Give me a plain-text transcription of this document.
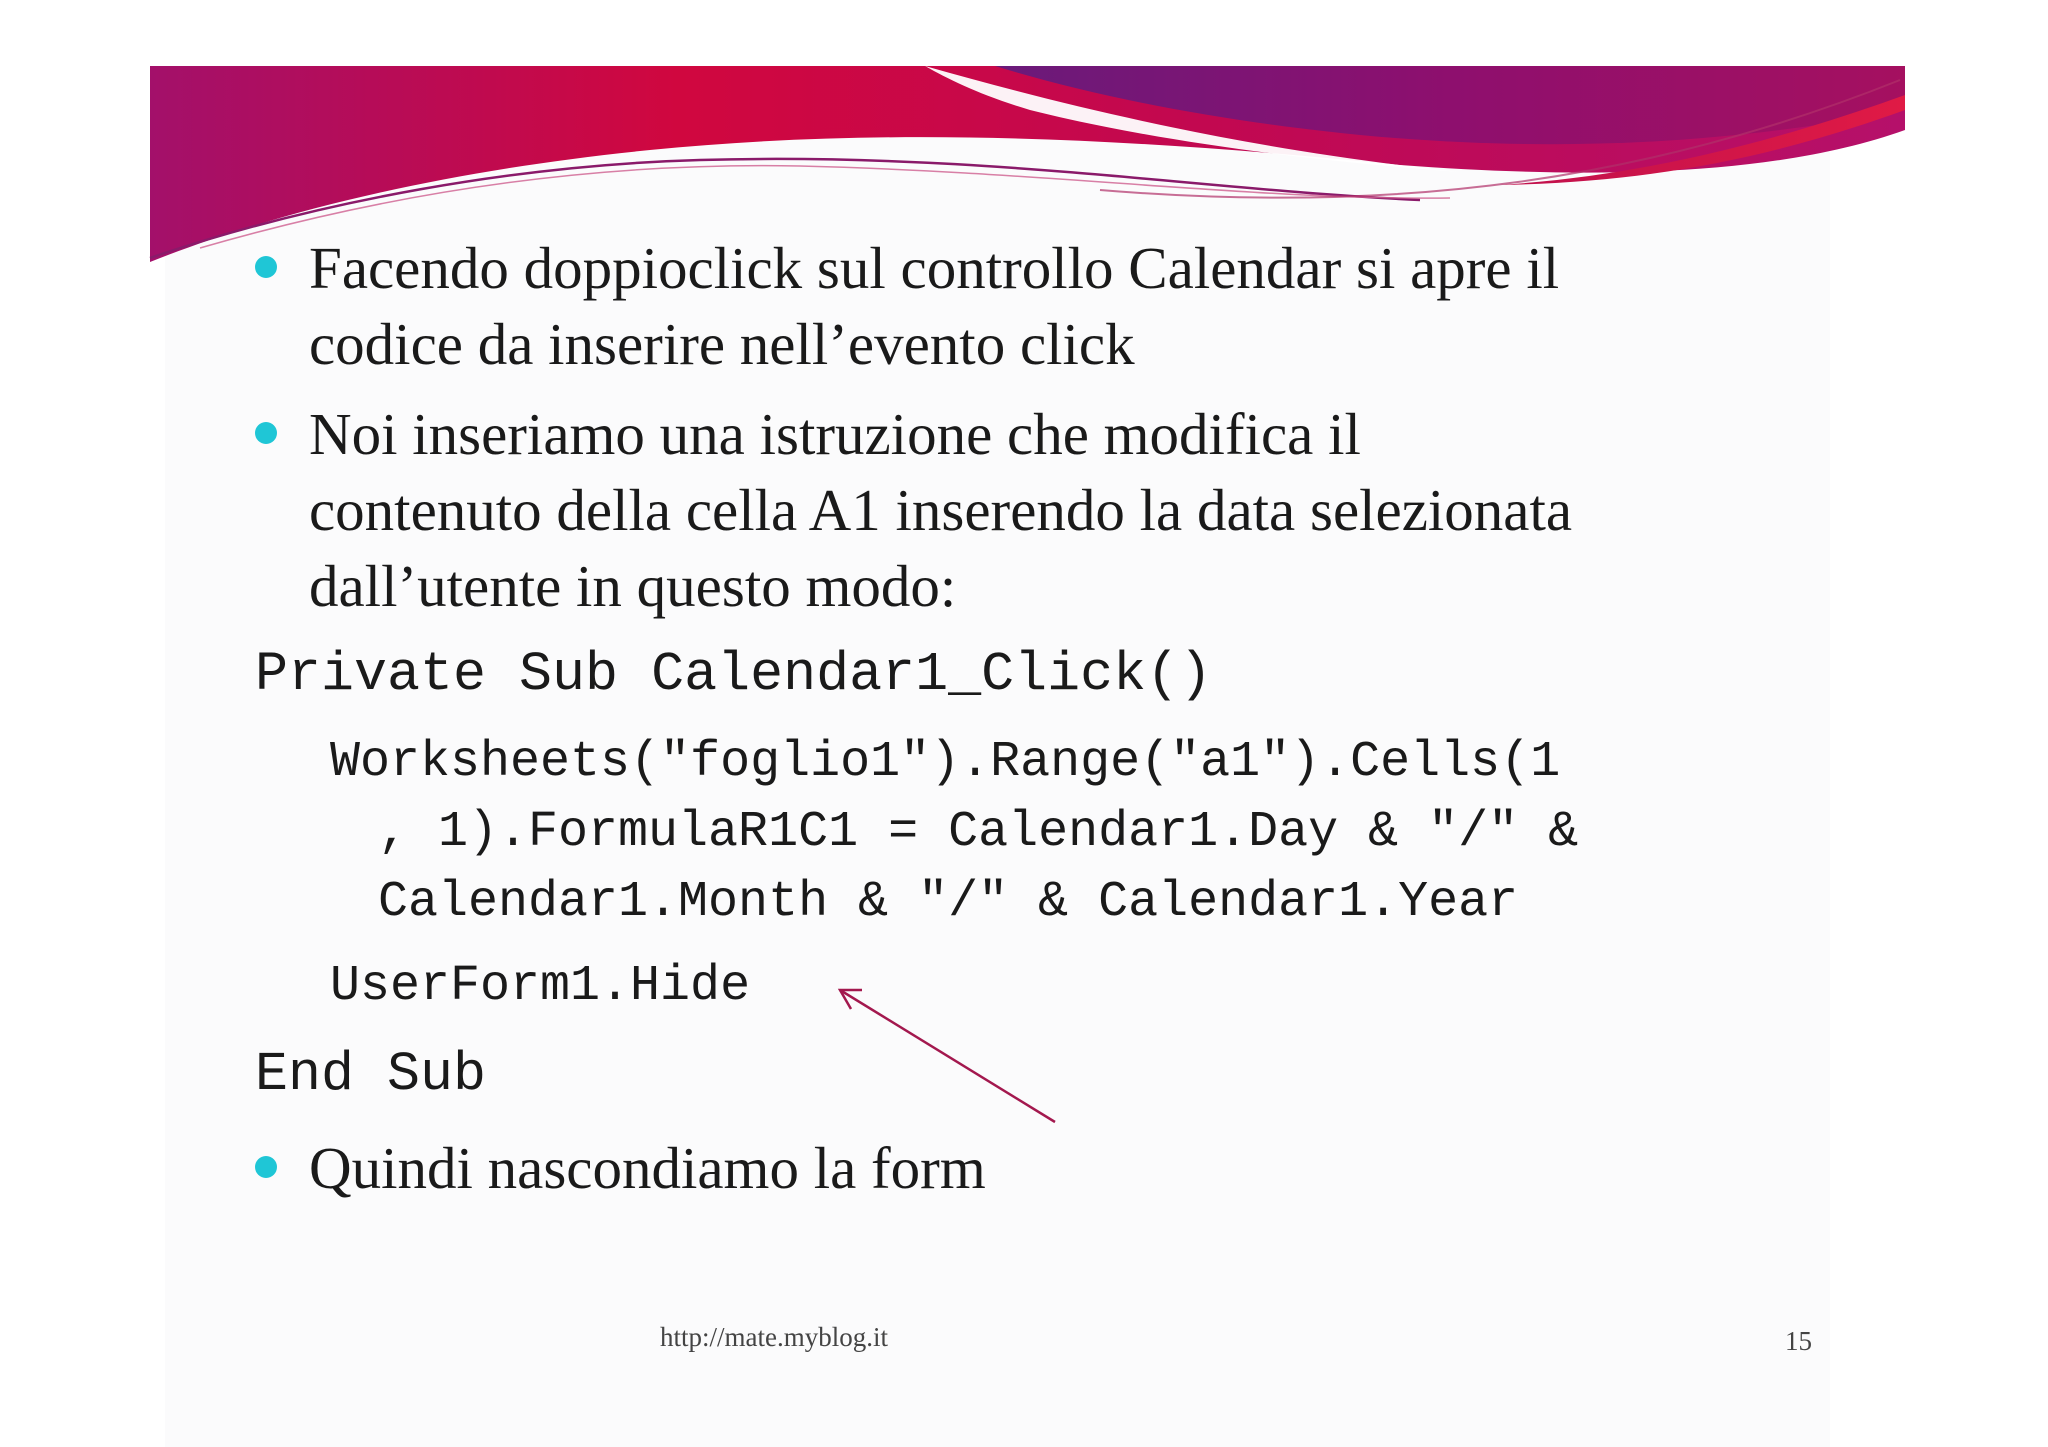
Facendo doppioclick sul controllo Calendar si apre il
codice da inserire nell’evento click
Noi inseriamo una istruzione che modifica il
contenuto della cella A1 inserendo la data selezionata
dall’utente in questo modo:
Private Sub Calendar1_Click()
Worksheets("foglio1").Range("a1").Cells(1
, 1).FormulaR1C1 = Calendar1.Day & "/" &
Calendar1.Month & "/" & Calendar1.Year
UserForm1.Hide
End Sub
Quindi nascondiamo la form
http://mate.myblog.it	15
